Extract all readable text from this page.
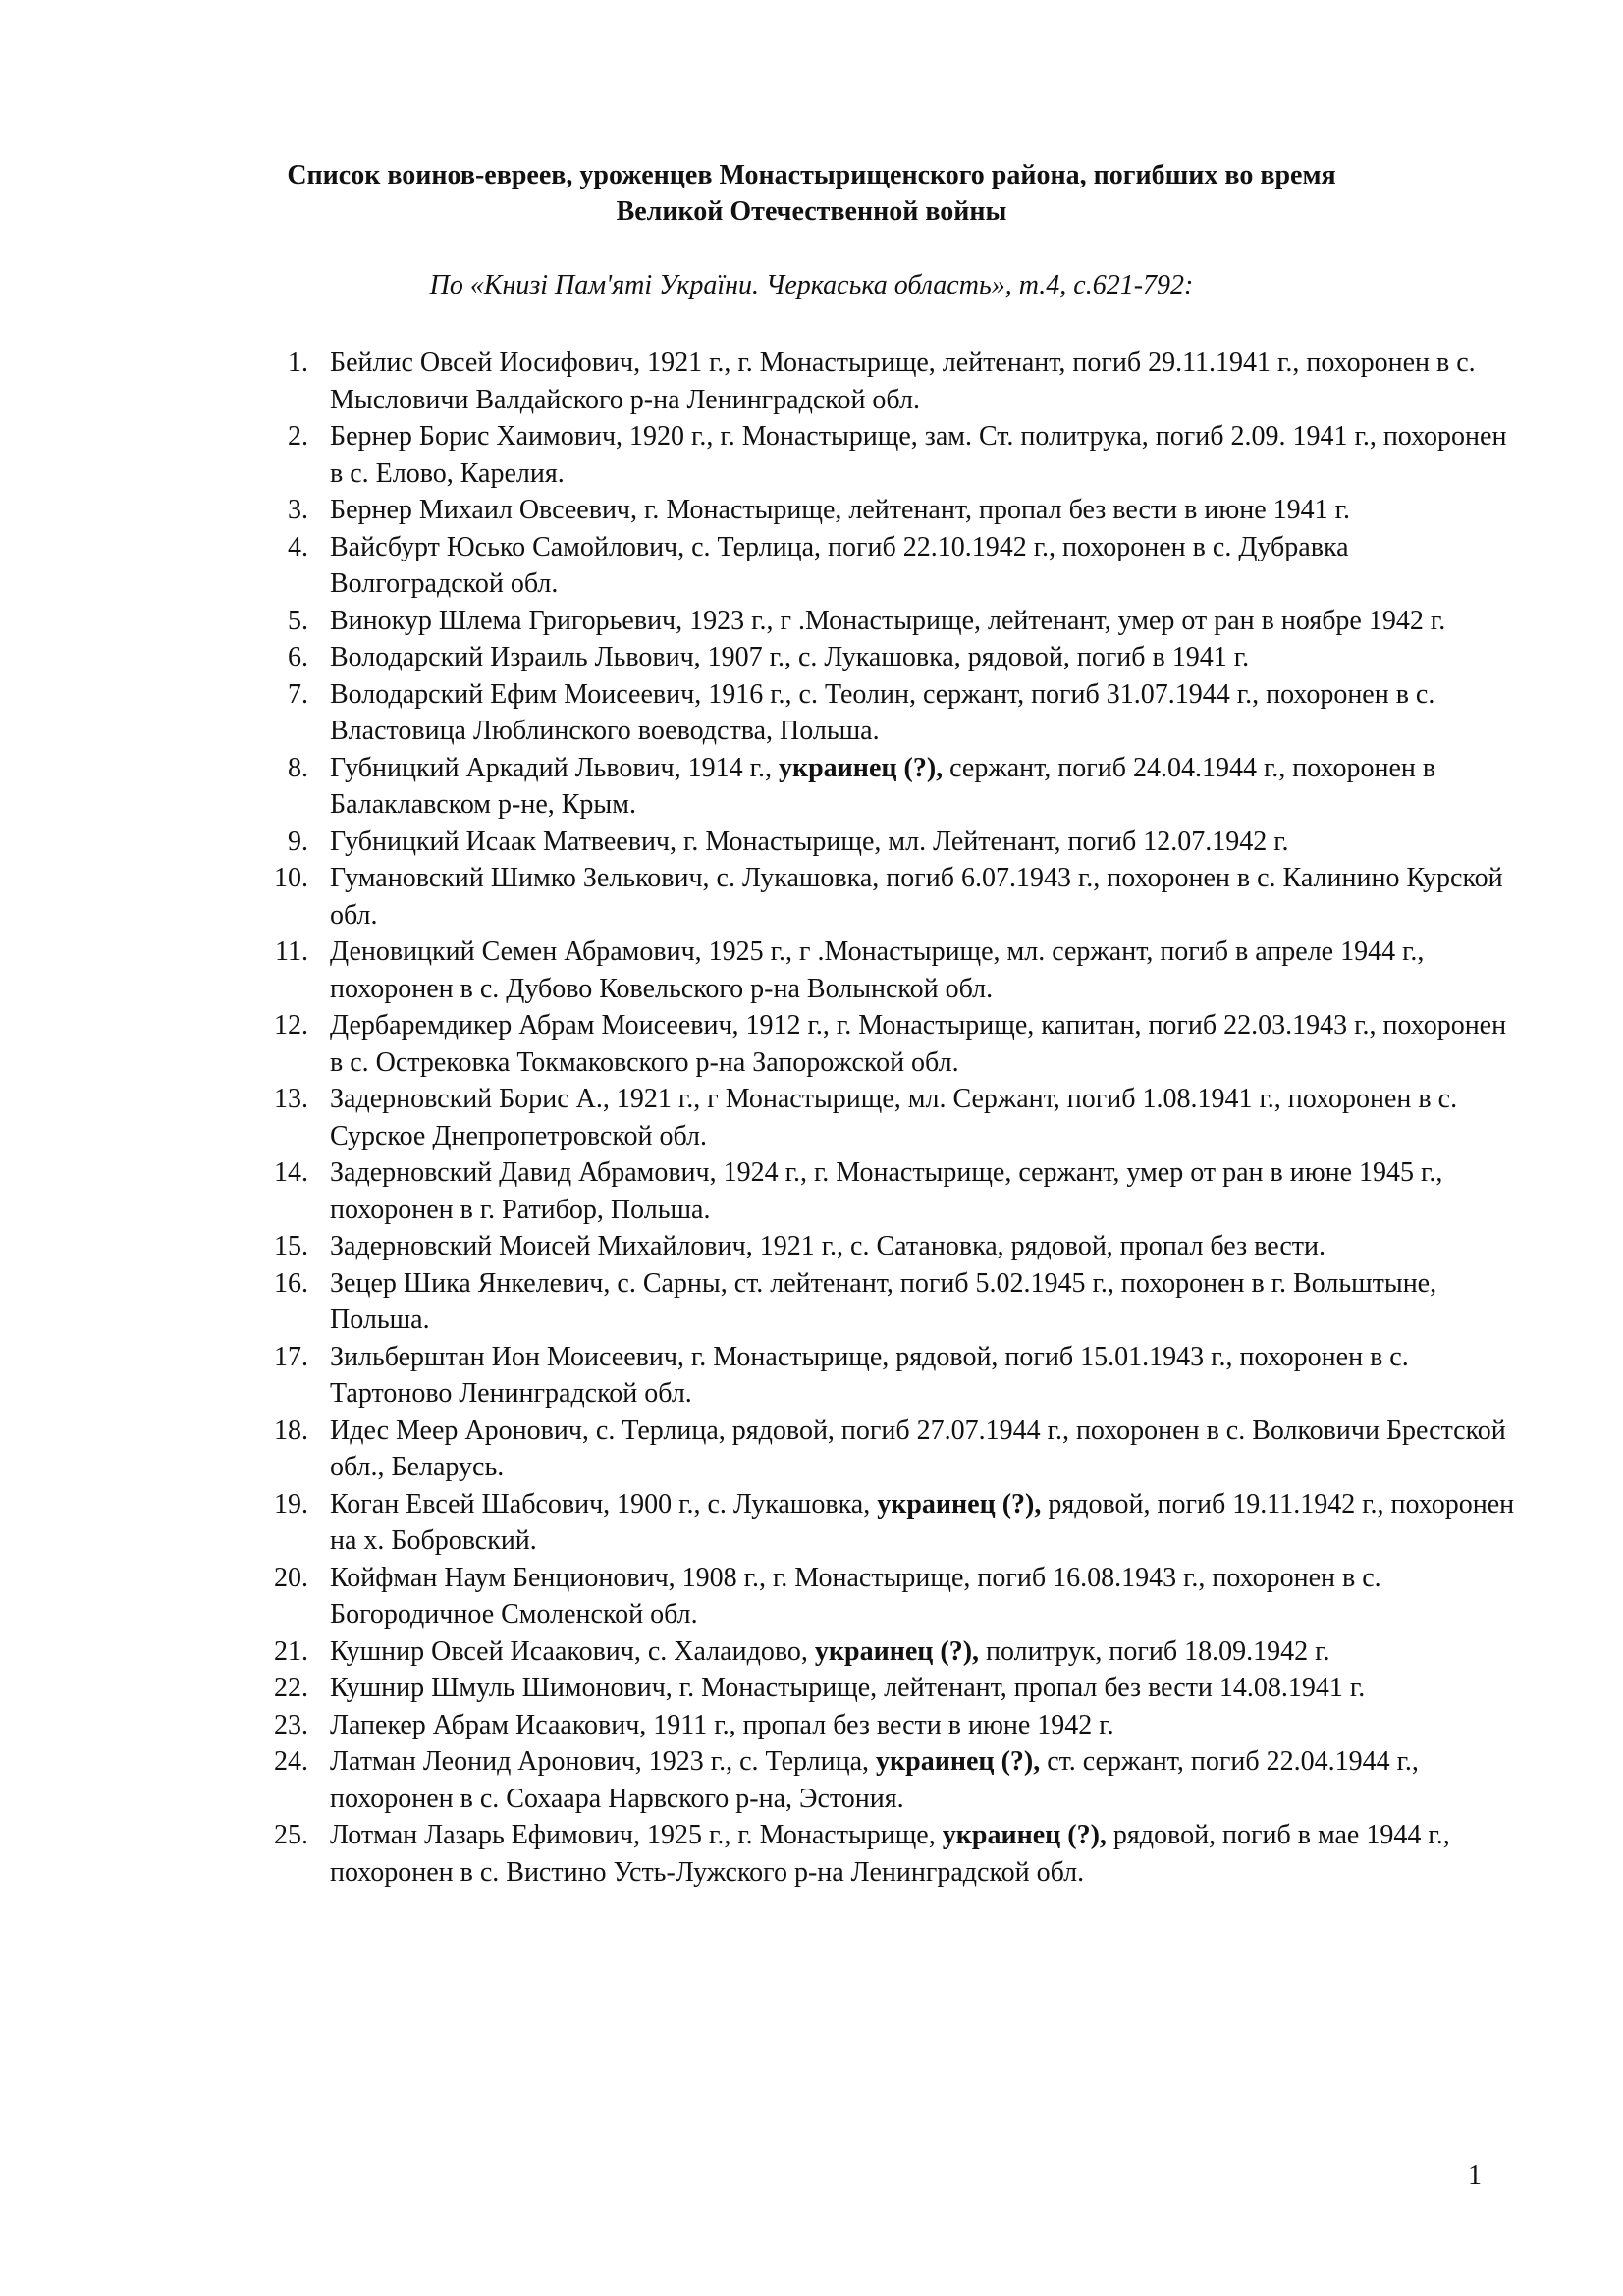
Список воинов-евреев, уроженцев Монастырищенского района, погибших во время
Великой Отечественной войны
По «Книзі Пам'яті України. Черкаська область», т.4, с.621-792:
1. Бейлис Овсей Иосифович, 1921 г., г. Монастырище, лейтенант, погиб 29.11.1941 г., похоронен в с. Мысловичи Валдайского р-на Ленинградской обл.
2. Бернер Борис Хаимович, 1920 г., г. Монастырище, зам. Ст. политрука, погиб 2.09. 1941 г., похоронен в с. Елово, Карелия.
3. Бернер Михаил Овсеевич, г. Монастырище, лейтенант, пропал без вести в июне 1941 г.
4. Вайсбурт Юсько Самойлович, с. Терлица, погиб 22.10.1942 г., похоронен в с. Дубравка Волгоградской обл.
5. Винокур Шлема Григорьевич, 1923 г., г .Монастырище, лейтенант, умер от ран в ноябре 1942 г.
6. Володарский Израиль Львович, 1907 г., с. Лукашовка, рядовой, погиб в 1941 г.
7. Володарский Ефим Моисеевич, 1916 г., с. Теолин, сержант, погиб 31.07.1944 г., похоронен в с. Властовица Люблинского воеводства, Польша.
8. Губницкий Аркадий Львович, 1914 г., украинец (?), сержант, погиб 24.04.1944 г., похоронен в Балаклавском р-не, Крым.
9. Губницкий Исаак Матвеевич, г. Монастырище, мл. Лейтенант, погиб 12.07.1942 г.
10. Гумановский Шимко Зелькович, с. Лукашовка, погиб 6.07.1943 г., похоронен в с. Калинино Курской обл.
11. Деновицкий Семен Абрамович, 1925 г., г .Монастырище, мл. сержант, погиб в апреле 1944 г., похоронен в с. Дубово Ковельского р-на Волынской обл.
12. Дербаремдикер Абрам Моисеевич, 1912 г., г. Монастырище, капитан, погиб 22.03.1943 г., похоронен в с. Острековка Токмаковского р-на Запорожской обл.
13. Задерновский Борис А., 1921 г., г Монастырище, мл. Сержант, погиб 1.08.1941 г., похоронен в с. Сурское Днепропетровской обл.
14. Задерновский Давид Абрамович, 1924 г., г. Монастырище, сержант, умер от ран в июне 1945 г., похоронен в г. Ратибор, Польша.
15. Задерновский Моисей Михайлович, 1921 г., с. Сатановка, рядовой, пропал без вести.
16. Зецер Шика Янкелевич, с. Сарны, ст. лейтенант, погиб 5.02.1945 г., похоронен в г. Вольштыне, Польша.
17. Зильберштан Ион Моисеевич, г. Монастырище, рядовой, погиб 15.01.1943 г., похоронен в с. Тартоново Ленинградской обл.
18. Идес Меер Аронович, с. Терлица, рядовой, погиб 27.07.1944 г., похоронен в с. Волковичи Брестской обл., Беларусь.
19. Коган Евсей Шабсович, 1900 г., с. Лукашовка, украинец (?), рядовой, погиб 19.11.1942 г., похоронен на х. Бобровский.
20. Койфман Наум Бенционович, 1908 г., г. Монастырище, погиб 16.08.1943 г., похоронен в с. Богородичное Смоленской обл.
21. Кушнир Овсей Исаакович, с. Халаидово, украинец (?), политрук, погиб 18.09.1942 г.
22. Кушнир Шмуль Шимонович, г. Монастырище, лейтенант, пропал без вести 14.08.1941 г.
23. Лапекер Абрам Исаакович, 1911 г., пропал без вести в июне 1942 г.
24. Латман Леонид Аронович, 1923 г., с. Терлица, украинец (?), ст. сержант, погиб 22.04.1944 г., похоронен в с. Сохаара Нарвского р-на, Эстония.
25. Лотман Лазарь Ефимович, 1925 г., г. Монастырище, украинец (?), рядовой, погиб в мае 1944 г., похоронен в с. Вистино Усть-Лужского р-на Ленинградской обл.
1
